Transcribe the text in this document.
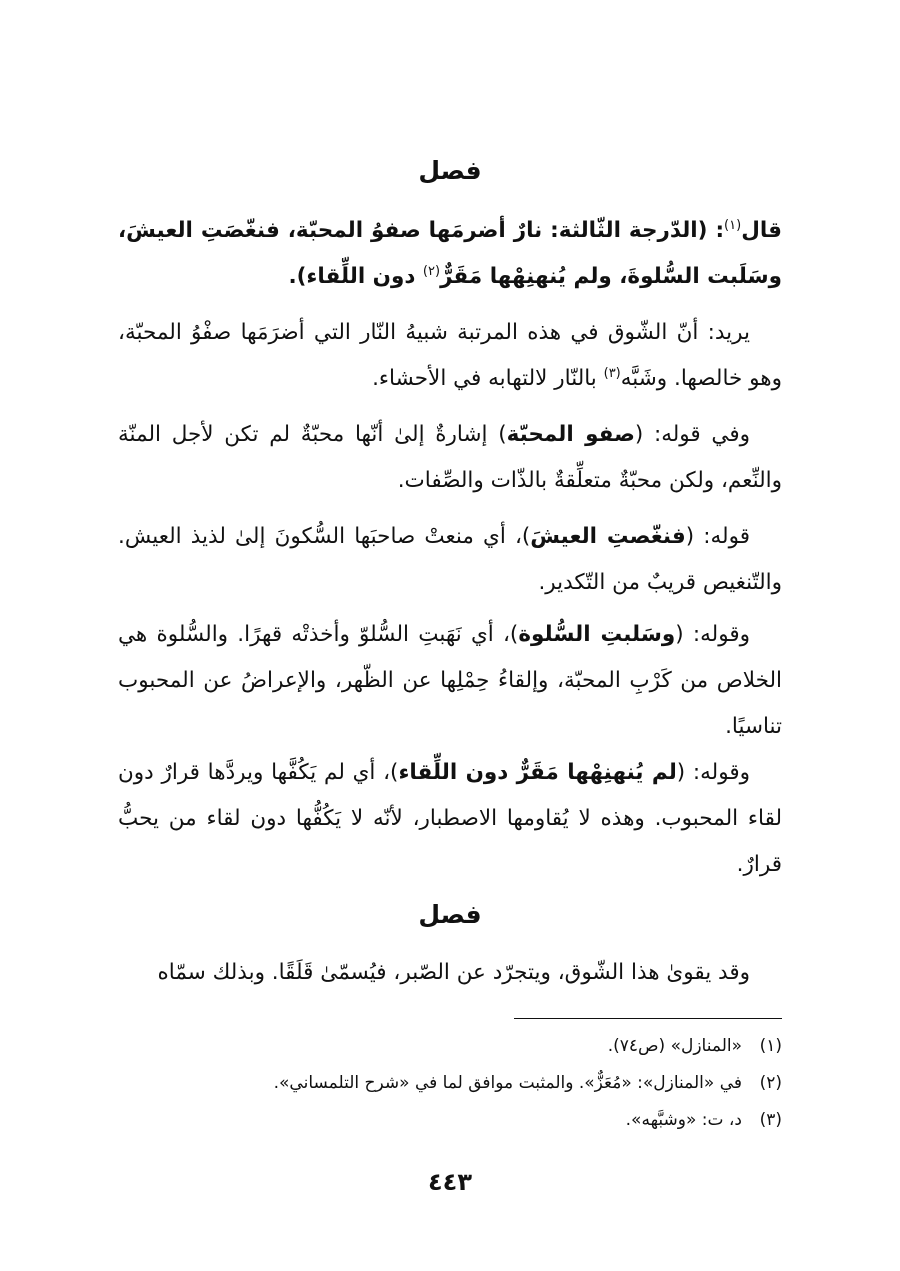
فصل

قال$^{(١)}$: (الدّرجة الثّالثة: نارٌ أضرمَها صفوُ المحبّة، فنغّصَتِ العيشَ، وسَلَبت السُّلوةَ، ولم يُنهنِهْها مَقَرٌّ$^{(٢)}$ دون اللِّقاء).

يريد: أنّ الشّوق في هذه المرتبة شبيهُ النّار التي أضرَمَها صفْوُ المحبّة، وهو خالصها. وشَبَّه$^{(٣)}$ بالنّار لالتهابه في الأحشاء.

وفي قوله: (صفو المحبّة) إشارةٌ إلىٰ أنّها محبّةٌ لم تكن لأجل المنّة والنِّعم، ولكن محبّةٌ متعلِّقةٌ بالذّات والصِّفات.

قوله: (فنغّصتِ العيشَ)، أي منعتْ صاحبَها السُّكونَ إلىٰ لذيذ العيش. والتّنغيص قريبٌ من التّكدير.

وقوله: (وسَلبتِ السُّلوة)، أي نَهَبتِ السُّلوّ وأخذتْه قهرًا. والسُّلوة هي الخلاص من كَرْبِ المحبّة، وإلقاءُ حِمْلِها عن الظّهر، والإعراضُ عن المحبوب تناسيًا.

وقوله: (لم يُنهنِهْها مَقَرٌّ دون اللِّقاء)، أي لم يَكُفَّها ويردَّها قرارٌ دون لقاء المحبوب. وهذه لا يُقاومها الاصطبار، لأنّه لا يَكُفُّها دون لقاء من يحبُّ قرارٌ.

فصل

وقد يقوىٰ هذا الشّوق، ويتجرّد عن الصّبر، فيُسمّىٰ قَلَقًا. وبذلك سمّاه

(١)«المنازل» (ص٧٤).

(٢)في «المنازل»: «مُعَزٌّ». والمثبت موافق لما في «شرح التلمساني».

(٣)د، ت: «وشبَّهه».

٤٤٣
